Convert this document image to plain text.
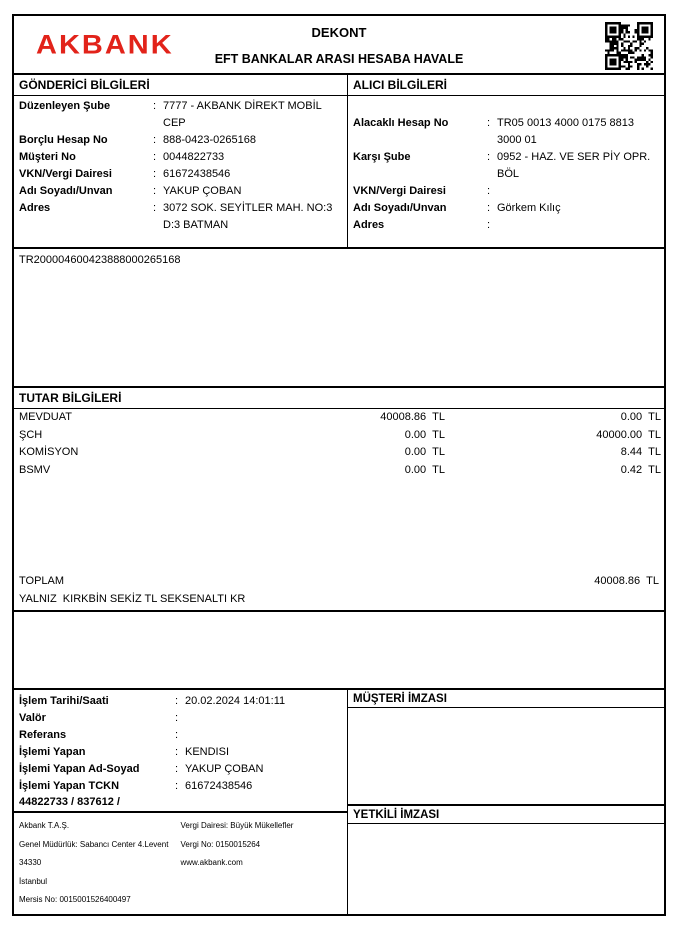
AKBANK	DEKONT
EFT BANKALAR ARASI HESABA HAVALE
GÖNDERİCİ BİLGİLERİ
Düzenleyen Şube	: 7777 - AKBANK DİREKT MOBİL CEP
Borçlu Hesap No	: 888-0423-0265168
Müşteri No	: 0044822733
VKN/Vergi Dairesi	: 61672438546
Adı Soyadı/Unvan	: YAKUP ÇOBAN
Adres	: 3072 SOK. SEYİTLER MAH. NO:3 D:3 BATMAN
ALICI BİLGİLERİ
Alacaklı Hesap No	: TR05 0013 4000 0175 8813 3000 01
Karşı Şube	: 0952 - HAZ. VE SER PİY OPR. BÖL
VKN/Vergi Dairesi	:
Adı Soyadı/Unvan	: Görkem Kılıç
Adres	:
TR200004600423888000265168
TUTAR BİLGİLERİ
MEVDUAT	40008.86 TL	0.00 TL
ŞCH	0.00 TL	40000.00 TL
KOMİSYON	0.00 TL	8.44 TL
BSMV	0.00 TL	0.42 TL
TOPLAM	40008.86 TL
YALNIZ  KIRKBİN SEKİZ TL SEKSENALTI KR
İşlem Tarihi/Saati	: 20.02.2024 14:01:11
Valör	:
Referans	:
İşlemi Yapan	: KENDISI
İşlemi Yapan Ad-Soyad	: YAKUP ÇOBAN
İşlemi Yapan TCKN	: 61672438546
44822733 / 837612 /
Akbank T.A.Ş.
Genel Müdürlük: Sabancı Center 4.Levent 34330
İstanbul
Mersis No: 0015001526400497
Vergi Dairesi: Büyük Mükellefler
Vergi No: 0150015264
www.akbank.com
MÜŞTERİ İMZASI
YETKİLİ İMZASI
